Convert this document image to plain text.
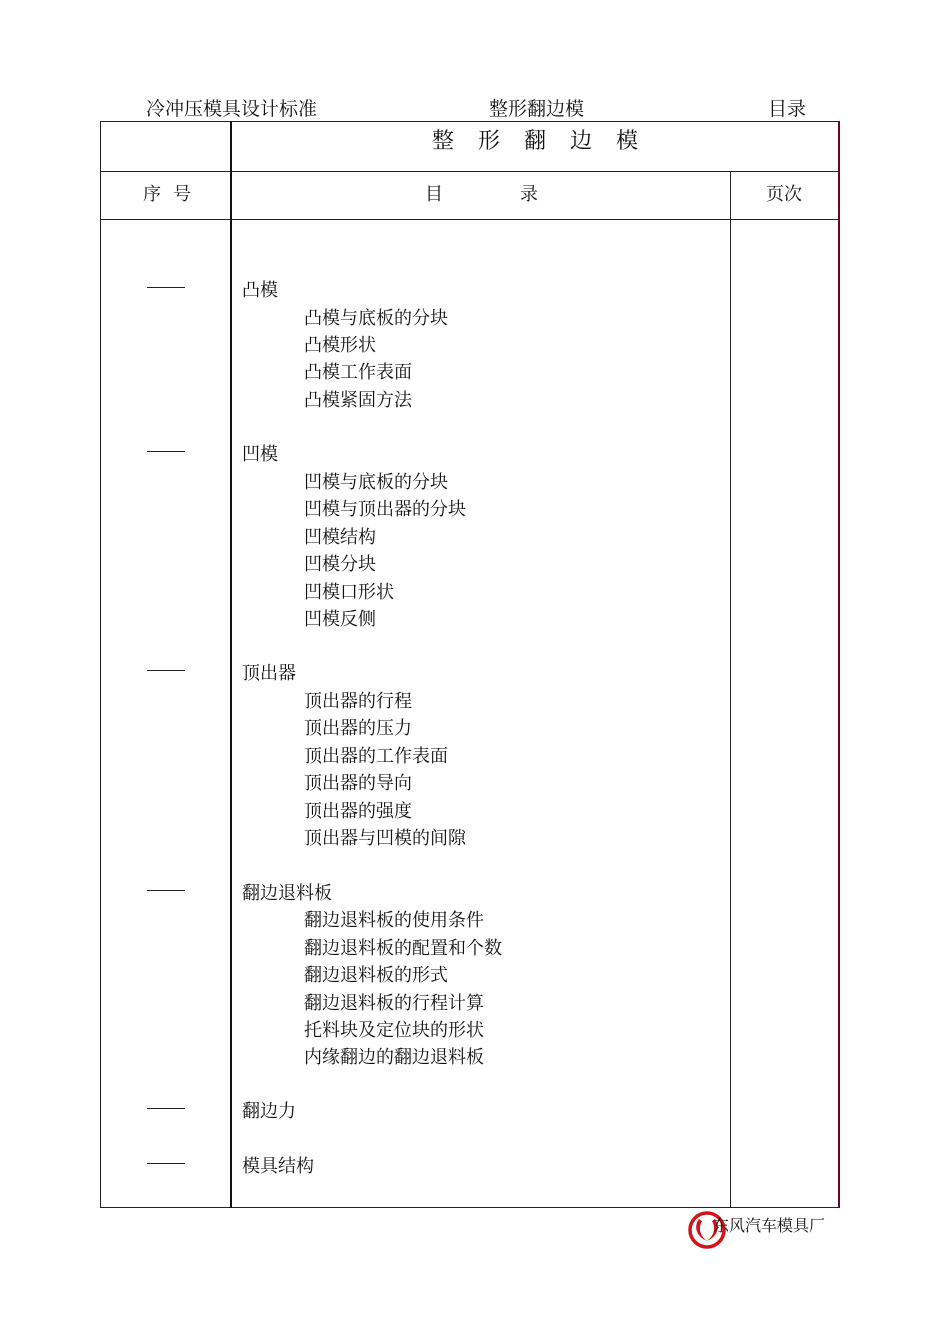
冷冲压模具设计标准	整形翻边模	目录
整形翻边模
序号	目	录	页次
凸模
凸模与底板的分块
凸模形状
凸模工作表面
凸模紧固方法
凹模
凹模与底板的分块
凹模与顶出器的分块
凹模结构
凹模分块
凹模口形状
凹模反侧
顶出器
顶出器的行程
顶出器的压力
顶出器的工作表面
顶出器的导向
顶出器的强度
顶出器与凹模的间隙
翻边退料板
翻边退料板的使用条件
翻边退料板的配置和个数
翻边退料板的形式
翻边退料板的行程计算
托料块及定位块的形状
内缘翻边的翻边退料板
翻边力
模具结构
东风汽车模具厂
